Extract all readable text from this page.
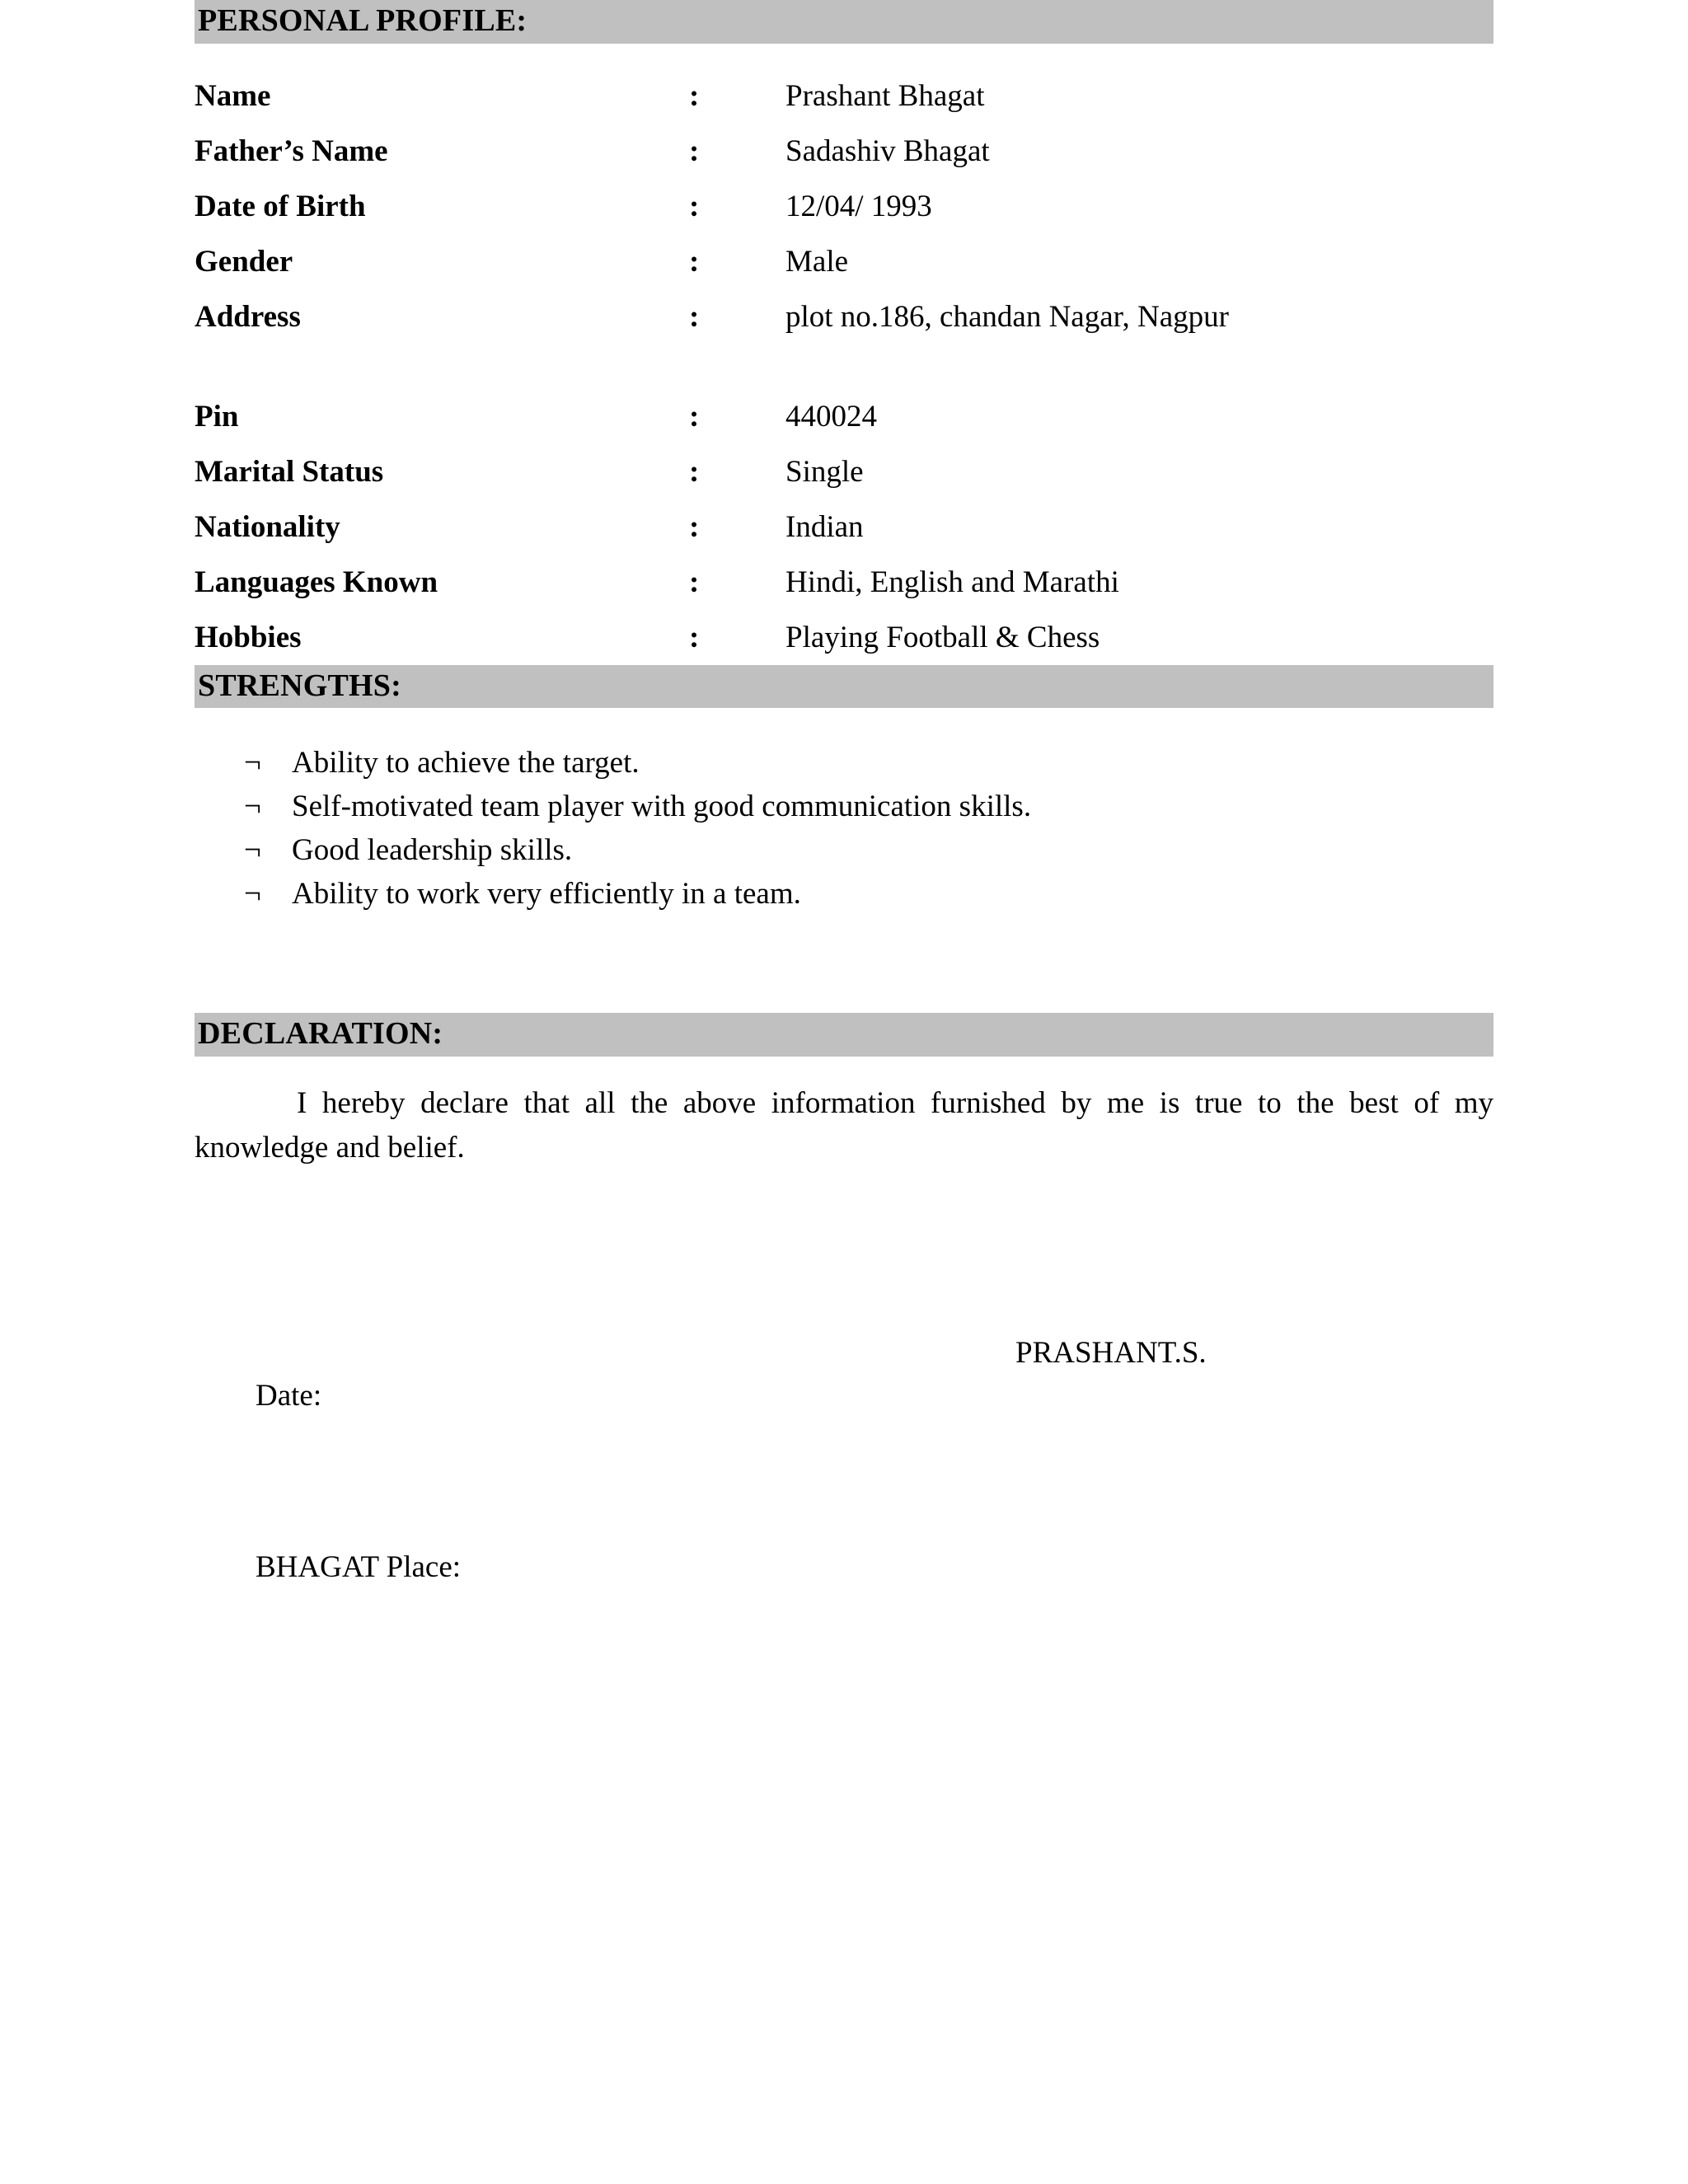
PERSONAL PROFILE:
Name	:	Prashant Bhagat
Father’s Name	:	Sadashiv Bhagat
Date of Birth	:	12/04/ 1993
Gender	:	Male
Address	:	plot no.186, chandan Nagar, Nagpur

Pin	:	440024
Marital Status	:	Single
Nationality	:	Indian
Languages Known	:	Hindi, English and Marathi
Hobbies	:	Playing Football & Chess
STRENGTHS:
¬	Ability to achieve the target.
¬	Self-motivated team player with good communication skills.
¬	Good leadership skills.
¬	Ability to work very efficiently in a team.
DECLARATION:

I hereby declare that all the above information furnished by me is true to the best of my knowledge and belief.

Date:

PRASHANT.S.

BHAGAT Place:
